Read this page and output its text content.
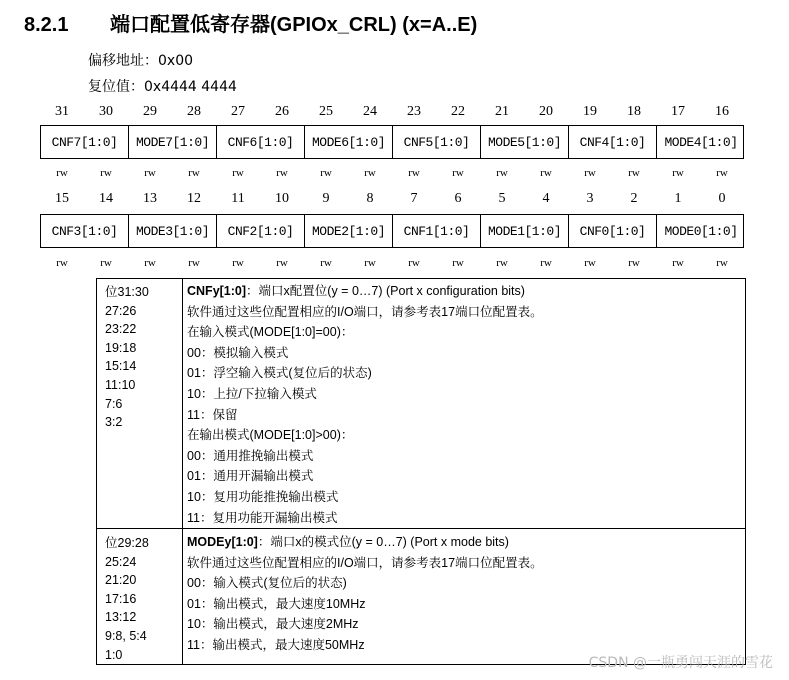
8.2.1 端口配置低寄存器(GPIOx_CRL) (x=A..E)
偏移地址：0x00
复位值：0x4444 4444
31	30	29	28	27	26	25	24	23	22	21	20	19	18	17	16
CNF7[1:0]	MODE7[1:0]	CNF6[1:0]	MODE6[1:0]	CNF5[1:0]	MODE5[1:0]	CNF4[1:0]	MODE4[1:0]
rw	rw	rw	rw	rw	rw	rw	rw	rw	rw	rw	rw	rw	rw	rw	rw
15	14	13	12	11	10	9	8	7	6	5	4	3	2	1	0
CNF3[1:0]	MODE3[1:0]	CNF2[1:0]	MODE2[1:0]	CNF1[1:0]	MODE1[1:0]	CNF0[1:0]	MODE0[1:0]
rw	rw	rw	rw	rw	rw	rw	rw	rw	rw	rw	rw	rw	rw	rw	rw
位31:30
27:26
23:22
19:18
15:14
11:10
7:6
3:2
CNFy[1:0]：端口x配置位(y = 0…7) (Port x configuration bits)
软件通过这些位配置相应的I/O端口，请参考表17端口位配置表。
在输入模式(MODE[1:0]=00)：
00：模拟输入模式
01：浮空输入模式(复位后的状态)
10：上拉/下拉输入模式
11：保留
在输出模式(MODE[1:0]>00)：
00：通用推挽输出模式
01：通用开漏输出模式
10：复用功能推挽输出模式
11：复用功能开漏输出模式
位29:28
25:24
21:20
17:16
13:12
9:8, 5:4
1:0
MODEy[1:0]：端口x的模式位(y = 0…7) (Port x mode bits)
软件通过这些位配置相应的I/O端口，请参考表17端口位配置表。
00：输入模式(复位后的状态)
01：输出模式，最大速度10MHz
10：输出模式，最大速度2MHz
11：输出模式，最大速度50MHz
CSDN @一瓶勇闯天涯的雪花
